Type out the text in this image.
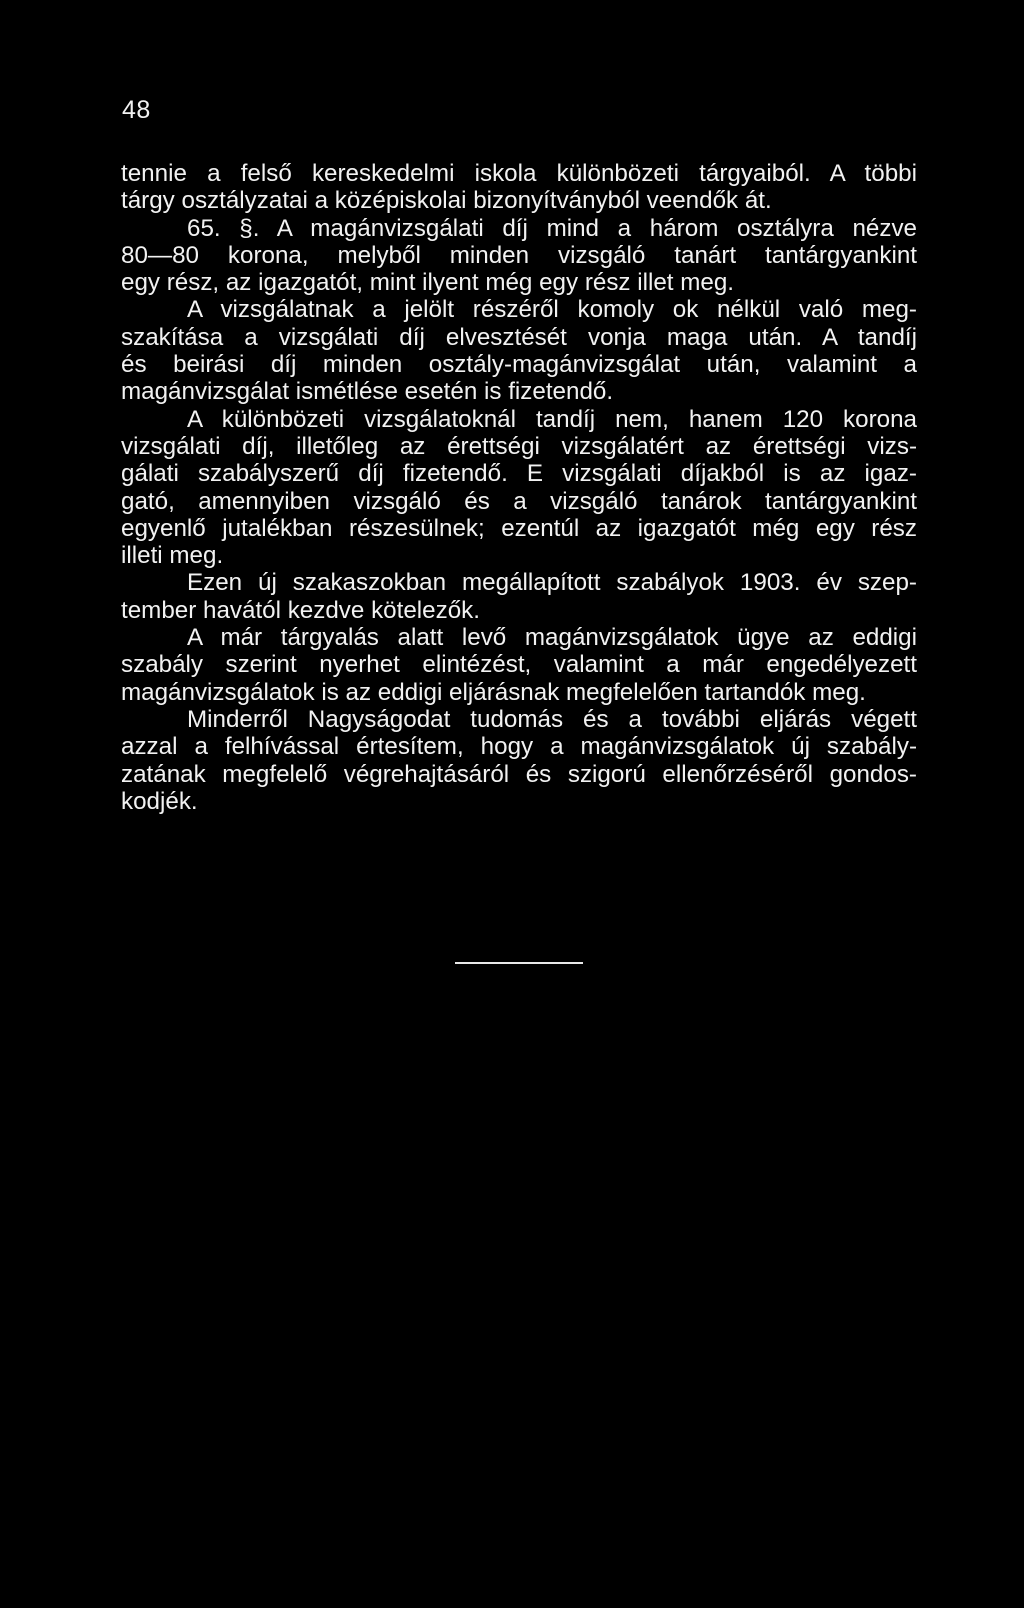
48
tennie a felső kereskedelmi iskola különbözeti tárgyaiból. A többi
tárgy osztályzatai a középiskolai bizonyítványból veendők át.
65. §. A magánvizsgálati díj mind a három osztályra nézve
80—80 korona, melyből minden vizsgáló tanárt tantárgyankint
egy rész, az igazgatót, mint ilyent még egy rész illet meg.
A vizsgálatnak a jelölt részéről komoly ok nélkül való meg-
szakítása a vizsgálati díj elvesztését vonja maga után. A tandíj
és beirási díj minden osztály-magánvizsgálat után, valamint a
magánvizsgálat ismétlése esetén is fizetendő.
A különbözeti vizsgálatoknál tandíj nem, hanem 120 korona
vizsgálati díj, illetőleg az érettségi vizsgálatért az érettségi vizs-
gálati szabályszerű díj fizetendő. E vizsgálati díjakból is az igaz-
gató, amennyiben vizsgáló és a vizsgáló tanárok tantárgyankint
egyenlő jutalékban részesülnek; ezentúl az igazgatót még egy rész
illeti meg.
Ezen új szakaszokban megállapított szabályok 1903. év szep-
tember havától kezdve kötelezők.
A már tárgyalás alatt levő magánvizsgálatok ügye az eddigi
szabály szerint nyerhet elintézést, valamint a már engedélyezett
magánvizsgálatok is az eddigi eljárásnak megfelelően tartandók meg.
Minderről Nagyságodat tudomás és a további eljárás végett
azzal a felhívással értesítem, hogy a magánvizsgálatok új szabály-
zatának megfelelő végrehajtásáról és szigorú ellenőrzéséről gondos-
kodjék.
